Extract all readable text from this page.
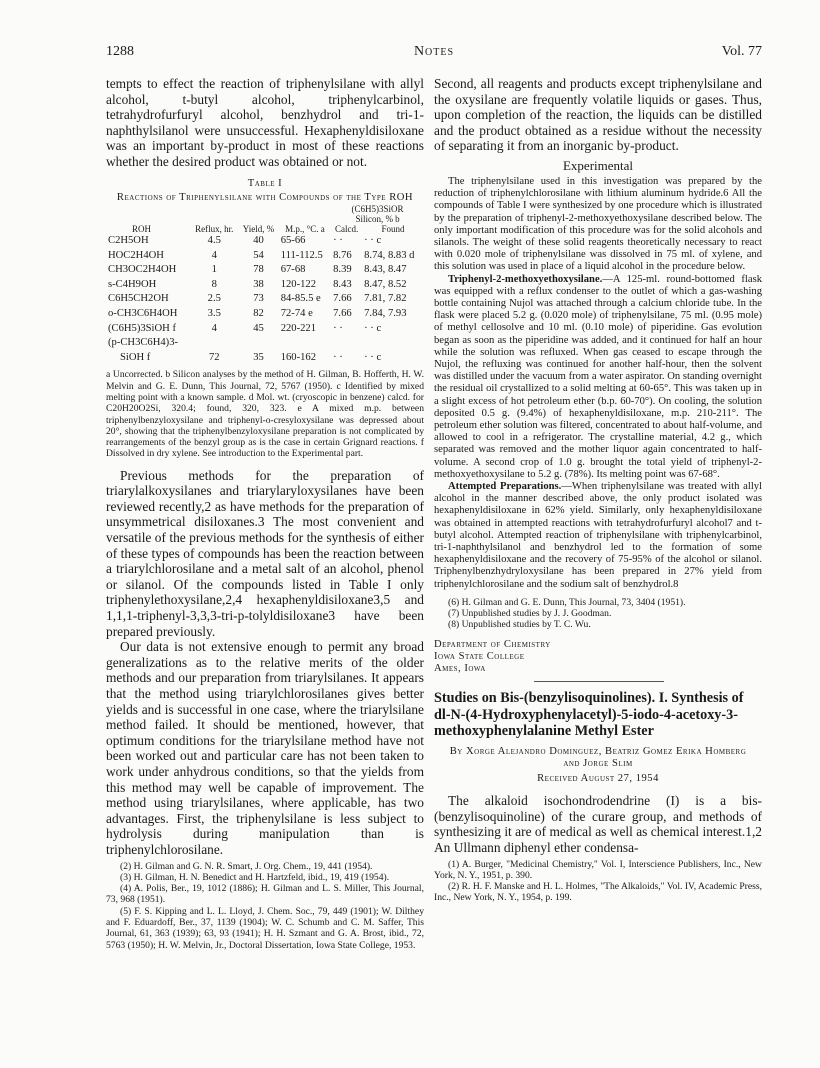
1288	Notes	Vol. 77

tempts to effect the reaction of triphenylsilane with allyl alcohol, t-butyl alcohol, triphenylcarbinol, tetrahydrofurfuryl alcohol, benzhydrol and tri-1-naphthylsilanol were unsuccessful. Hexaphenyldisiloxane was an important by-product in most of these reactions whether the desired product was obtained or not.

Table I
Reactions of Triphenylsilane with Compounds of the Type ROH
				(C6H5)3SiOR	
				Silicon, % b	
ROH	Reflux, hr.	Yield, %	M.p., °C. a	Calcd.	Found
C2H5OH	4.5	40	65-66	· ·	· · c
HOC2H4OH	4	54	111-112.5	8.76	8.74, 8.83 d
CH3OC2H4OH	1	78	67-68	8.39	8.43, 8.47
s-C4H9OH	8	38	120-122	8.43	8.47, 8.52
C6H5CH2OH	2.5	73	84-85.5 e	7.66	7.81, 7.82
o-CH3C6H4OH	3.5	82	72-74 e	7.66	7.84, 7.93
(C6H5)3SiOH f	4	45	220-221	· ·	· · c
(p-CH3C6H4)3-					
SiOH f	72	35	160-162	· ·	· · c

a Uncorrected. b Silicon analyses by the method of H. Gilman, B. Hofferth, H. W. Melvin and G. E. Dunn, This Journal, 72, 5767 (1950). c Identified by mixed melting point with a known sample. d Mol. wt. (cryoscopic in benzene) calcd. for C20H20O2Si, 320.4; found, 320, 323. e A mixed m.p. between triphenylbenzyloxysilane and triphenyl-o-cresyloxysilane was depressed about 20°, showing that the triphenylbenzyloxysilane preparation is not complicated by rearrangements of the benzyl group as is the case in certain Grignard reactions. f Dissolved in dry xylene. See introduction to the Experimental part.

Previous methods for the preparation of triarylalkoxysilanes and triarylaryloxysilanes have been reviewed recently,2 as have methods for the preparation of unsymmetrical disiloxanes.3 The most convenient and versatile of the previous methods for the synthesis of either of these types of compounds has been the reaction between a triarylchlorosilane and a metal salt of an alcohol, phenol or silanol. Of the compounds listed in Table I only triphenylethoxysilane,2,4 hexaphenyldisiloxane3,5 and 1,1,1-triphenyl-3,3,3-tri-p-tolyldisiloxane3 have been prepared previously.

Our data is not extensive enough to permit any broad generalizations as to the relative merits of the older methods and our preparation from triarylsilanes. It appears that the method using triarylchlorosilanes gives better yields and is successful in one case, where the triarylsilane method failed. It should be mentioned, however, that optimum conditions for the triarylsilane method have not been worked out and particular care has not been taken to work under anhydrous conditions, so that the yields from this method may well be capable of improvement. The method using triarylsilanes, where applicable, has two advantages. First, the triphenylsilane is less subject to hydrolysis during manipulation than is triphenylchlorosilane.

(2) H. Gilman and G. N. R. Smart, J. Org. Chem., 19, 441 (1954).
(3) H. Gilman, H. N. Benedict and H. Hartzfeld, ibid., 19, 419 (1954).
(4) A. Polis, Ber., 19, 1012 (1886); H. Gilman and L. S. Miller, This Journal, 73, 968 (1951).
(5) F. S. Kipping and L. L. Lloyd, J. Chem. Soc., 79, 449 (1901); W. Dilthey and F. Eduardoff, Ber., 37, 1139 (1904); W. C. Schumb and C. M. Saffer, This Journal, 61, 363 (1939); 63, 93 (1941); H. H. Szmant and G. A. Brost, ibid., 72, 5763 (1950); H. W. Melvin, Jr., Doctoral Dissertation, Iowa State College, 1953.

Second, all reagents and products except triphenylsilane and the oxysilane are frequently volatile liquids or gases. Thus, upon completion of the reaction, the liquids can be distilled and the product obtained as a residue without the necessity of separating it from an inorganic by-product.

Experimental

The triphenylsilane used in this investigation was prepared by the reduction of triphenylchlorosilane with lithium aluminum hydride.6 All the compounds of Table I were synthesized by one procedure which is illustrated by the preparation of triphenyl-2-methoxyethoxysilane described below. The only important modification of this procedure was for the solid alcohols and silanols. The weight of these solid reagents theoretically necessary to react with 0.020 mole of triphenylsilane was dissolved in 75 ml. of xylene, and this solution was used in place of a liquid alcohol in the procedure below.

Triphenyl-2-methoxyethoxysilane.—A 125-ml. round-bottomed flask was equipped with a reflux condenser to the outlet of which a gas-washing bottle containing Nujol was attached through a calcium chloride tube. In the flask were placed 5.2 g. (0.020 mole) of triphenylsilane, 75 ml. (0.95 mole) of methyl cellosolve and 10 ml. (0.10 mole) of piperidine. Gas evolution began as soon as the piperidine was added, and it continued for half an hour while the solution was refluxed. When gas ceased to escape through the Nujol, the refluxing was continued for another half-hour, then the solvent was distilled under the vacuum from a water aspirator. On standing overnight the residual oil crystallized to a solid melting at 60-65°. This was taken up in a slight excess of hot petroleum ether (b.p. 60-70°). On cooling, the solution deposited 0.5 g. (9.4%) of hexaphenyldisiloxane, m.p. 210-211°. The petroleum ether solution was filtered, concentrated to about half-volume, and allowed to cool in a refrigerator. The crystalline material, 4.2 g., which separated was removed and the mother liquor again concentrated to half-volume. A second crop of 1.0 g. brought the total yield of triphenyl-2-methoxyethoxysilane to 5.2 g. (78%). Its melting point was 67-68°.

Attempted Preparations.—When triphenylsilane was treated with allyl alcohol in the manner described above, the only product isolated was hexaphenyldisiloxane in 62% yield. Similarly, only hexaphenyldisiloxane was obtained in attempted reactions with tetrahydrofurfuryl alcohol7 and t-butyl alcohol. Attempted reaction of triphenylsilane with triphenylcarbinol, tri-1-naphthylsilanol and benzhydrol led to the formation of some hexaphenyldisiloxane and the recovery of 75-95% of the alcohol or silanol. Triphenylbenzhydryloxysilane has been prepared in 27% yield from triphenylchlorosilane and the sodium salt of benzhydrol.8

(6) H. Gilman and G. E. Dunn, This Journal, 73, 3404 (1951).
(7) Unpublished studies by J. J. Goodman.
(8) Unpublished studies by T. C. Wu.
Department of Chemistry
Iowa State College
Ames, Iowa
Studies on Bis-(benzylisoquinolines). I. Synthesis of dl-N-(4-Hydroxyphenylacetyl)-5-iodo-4-acetoxy-3-methoxyphenylalanine Methyl Ester
By Xorge Alejandro Dominguez, Beatriz Gomez Erika Homberg and Jorge Slim
Received August 27, 1954

The alkaloid isochondrodendrine (I) is a bis-(benzylisoquinoline) of the curare group, and methods of synthesizing it are of medical as well as chemical interest.1,2 An Ullmann diphenyl ether condensa-

(1) A. Burger, "Medicinal Chemistry," Vol. I, Interscience Publishers, Inc., New York, N. Y., 1951, p. 390.
(2) R. H. F. Manske and H. L. Holmes, "The Alkaloids," Vol. IV, Academic Press, Inc., New York, N. Y., 1954, p. 199.
